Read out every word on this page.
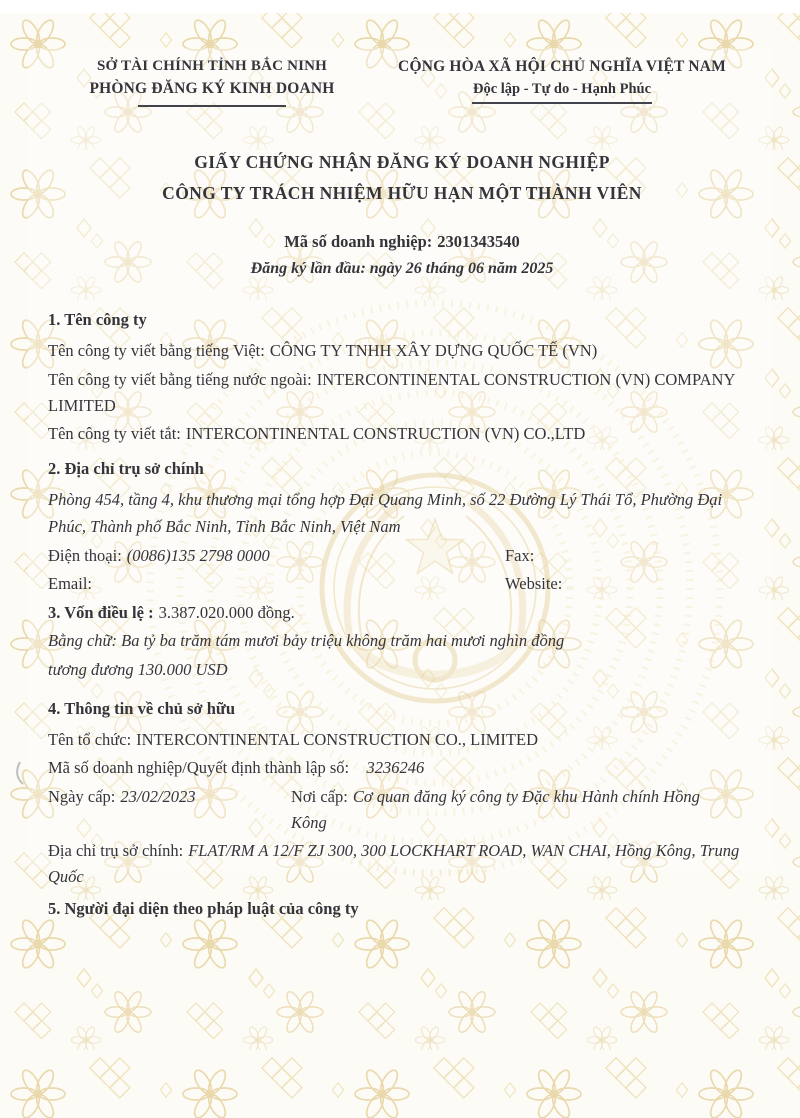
SỞ TÀI CHÍNH TỈNH BẮC NINH
PHÒNG ĐĂNG KÝ KINH DOANH
CỘNG HÒA XÃ HỘI CHỦ NGHĨA VIỆT NAM
Độc lập - Tự do - Hạnh Phúc
GIẤY CHỨNG NHẬN ĐĂNG KÝ DOANH NGHIỆP
CÔNG TY TRÁCH NHIỆM HỮU HẠN MỘT THÀNH VIÊN
Mã số doanh nghiệp: 2301343540
Đăng ký lần đầu: ngày 26 tháng 06 năm 2025
1. Tên công ty

Tên công ty viết bằng tiếng Việt: CÔNG TY TNHH XÂY DỰNG QUỐC TẾ (VN)

Tên công ty viết bằng tiếng nước ngoài: INTERCONTINENTAL CONSTRUCTION (VN) COMPANY LIMITED

Tên công ty viết tắt: INTERCONTINENTAL CONSTRUCTION (VN) CO.,LTD

2. Địa chỉ trụ sở chính

Phòng 454, tầng 4, khu thương mại tổng hợp Đại Quang Minh, số 22 Đường Lý Thái Tổ, Phường Đại Phúc, Thành phố Bắc Ninh, Tỉnh Bắc Ninh, Việt Nam

Điện thoại: (0086)135 2798 0000	Fax:
Email:	Website:

3. Vốn điều lệ : 3.387.020.000 đồng.

Bằng chữ: Ba tỷ ba trăm tám mươi bảy triệu không trăm hai mươi nghìn đồng

tương đương 130.000 USD

4. Thông tin về chủ sở hữu

Tên tổ chức: INTERCONTINENTAL CONSTRUCTION CO., LIMITED

Mã số doanh nghiệp/Quyết định thành lập số: 3236246

Ngày cấp: 23/02/2023	Nơi cấp: Cơ quan đăng ký công ty Đặc khu Hành chính Hồng Kông

Địa chỉ trụ sở chính: FLAT/RM A 12/F ZJ 300, 300 LOCKHART ROAD, WAN CHAI, Hồng Kông, Trung Quốc

5. Người đại diện theo pháp luật của công ty
